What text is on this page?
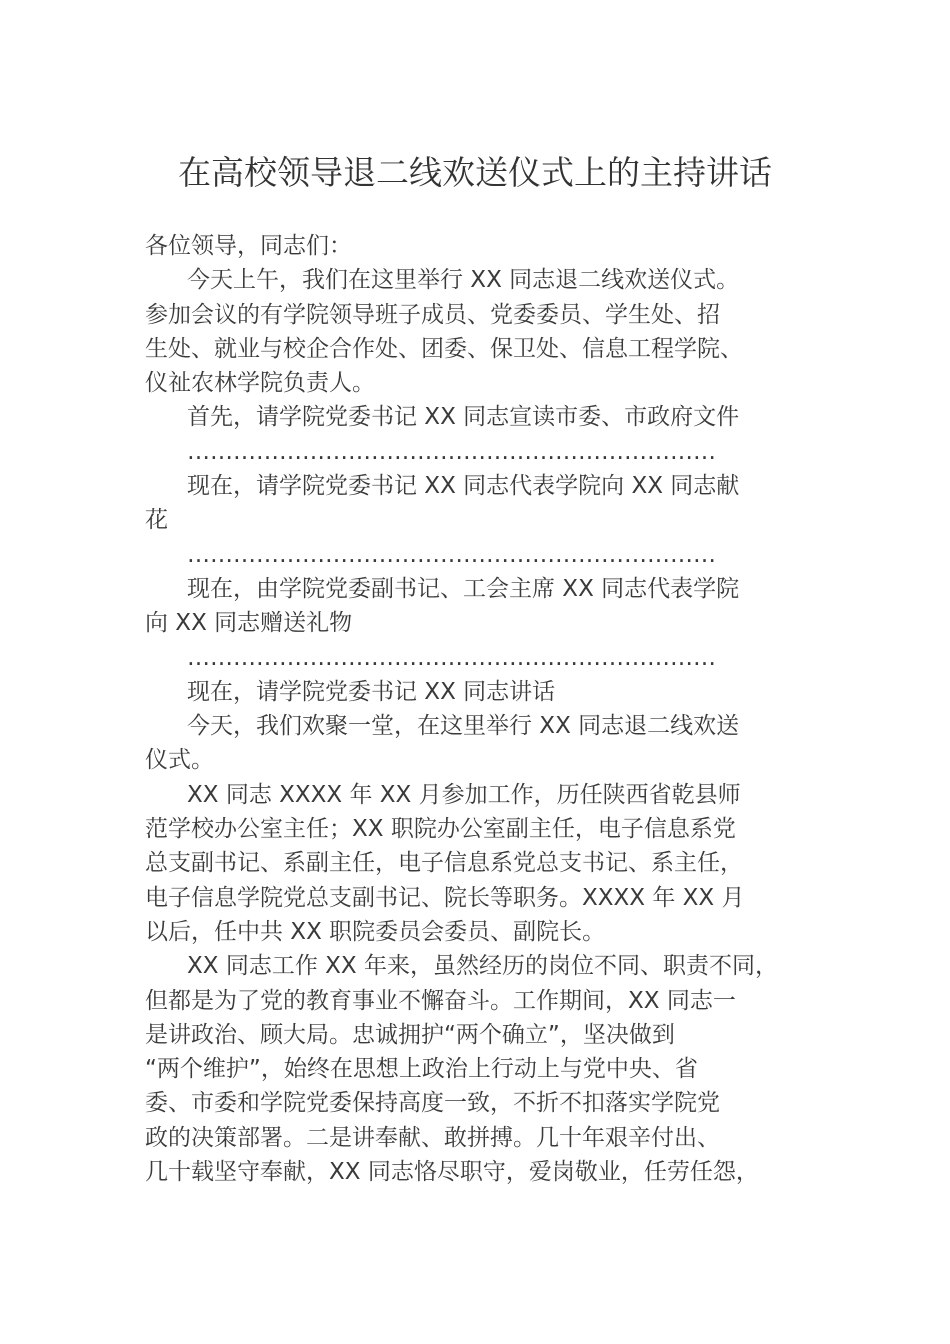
在高校领导退二线欢送仪式上的主持讲话
各位领导，同志们：
今天上午，我们在这里举行 XX 同志退二线欢送仪式。
参加会议的有学院领导班子成员、党委委员、学生处、招
生处、就业与校企合作处、团委、保卫处、信息工程学院、
仪祉农林学院负责人。
首先，请学院党委书记 XX 同志宣读市委、市政府文件
……………………………………………………………
现在，请学院党委书记 XX 同志代表学院向 XX 同志献
花
……………………………………………………………
现在，由学院党委副书记、工会主席 XX 同志代表学院
向 XX 同志赠送礼物
……………………………………………………………
现在，请学院党委书记 XX 同志讲话
今天，我们欢聚一堂，在这里举行 XX 同志退二线欢送
仪式。
XX 同志 XXXX 年 XX 月参加工作，历任陕西省乾县师
范学校办公室主任；XX 职院办公室副主任，电子信息系党
总支副书记、系副主任，电子信息系党总支书记、系主任，
电子信息学院党总支副书记、院长等职务。XXXX 年 XX 月
以后，任中共 XX 职院委员会委员、副院长。
XX 同志工作 XX 年来，虽然经历的岗位不同、职责不同，
但都是为了党的教育事业不懈奋斗。工作期间，XX 同志一
是讲政治、顾大局。忠诚拥护“两个确立”，坚决做到
“两个维护”，始终在思想上政治上行动上与党中央、省
委、市委和学院党委保持高度一致，不折不扣落实学院党
政的决策部署。二是讲奉献、敢拼搏。几十年艰辛付出、
几十载坚守奉献，XX 同志恪尽职守，爱岗敬业，任劳任怨，
